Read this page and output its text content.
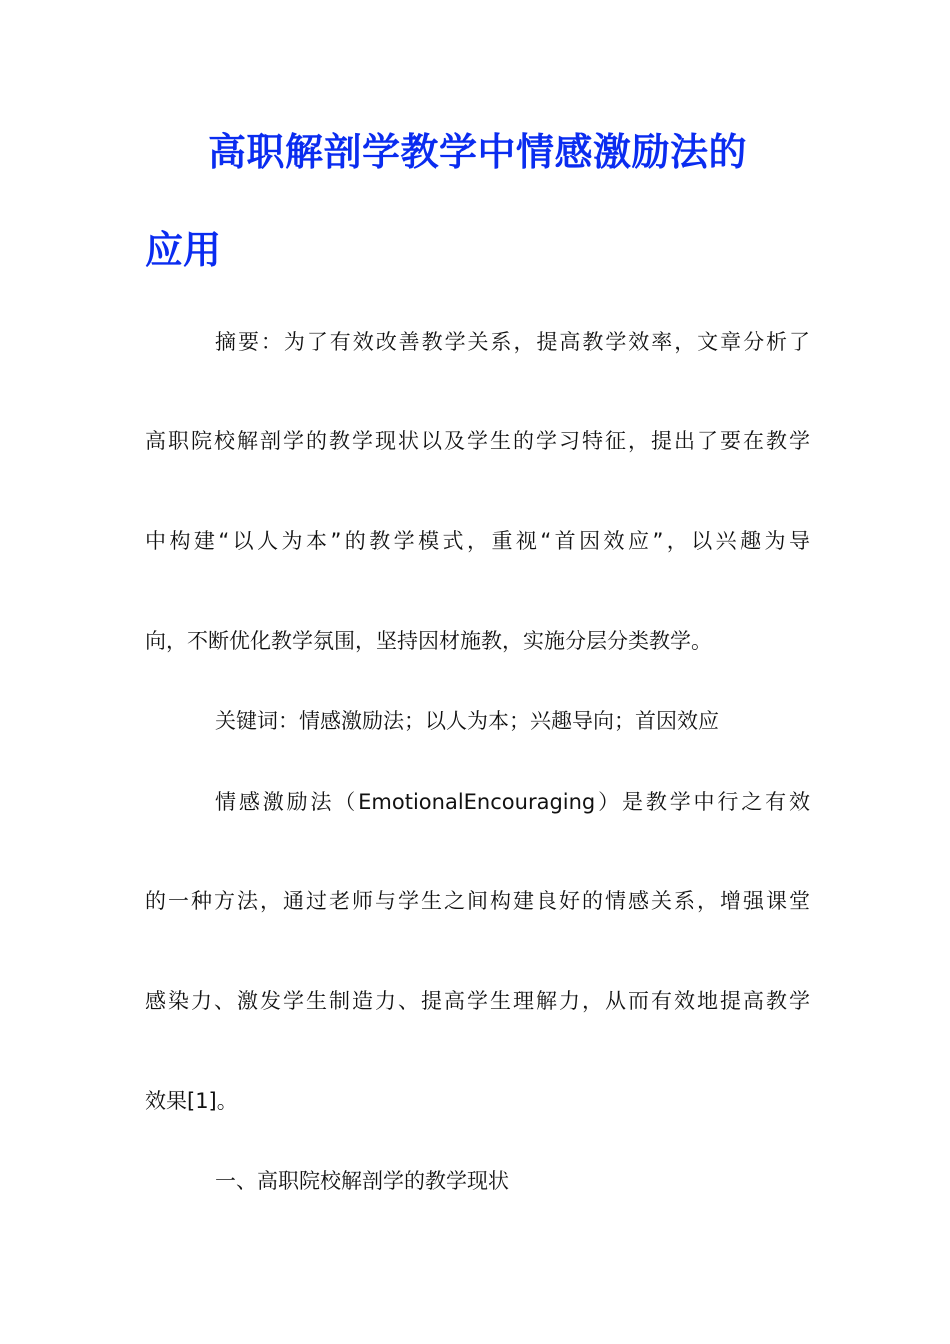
高职解剖学教学中情感激励法的
应用

摘要：为了有效改善教学关系，提高教学效率，文章分析了

高职院校解剖学的教学现状以及学生的学习特征，提出了要在教学

中构建“以人为本”的教学模式，重视“首因效应”，以兴趣为导

向，不断优化教学氛围，坚持因材施教，实施分层分类教学。

关键词：情感激励法；以人为本；兴趣导向；首因效应

情感激励法（EmotionalEncouraging）是教学中行之有效

的一种方法，通过老师与学生之间构建良好的情感关系，增强课堂

感染力、激发学生制造力、提高学生理解力，从而有效地提高教学

效果[1]。

一、高职院校解剖学的教学现状
